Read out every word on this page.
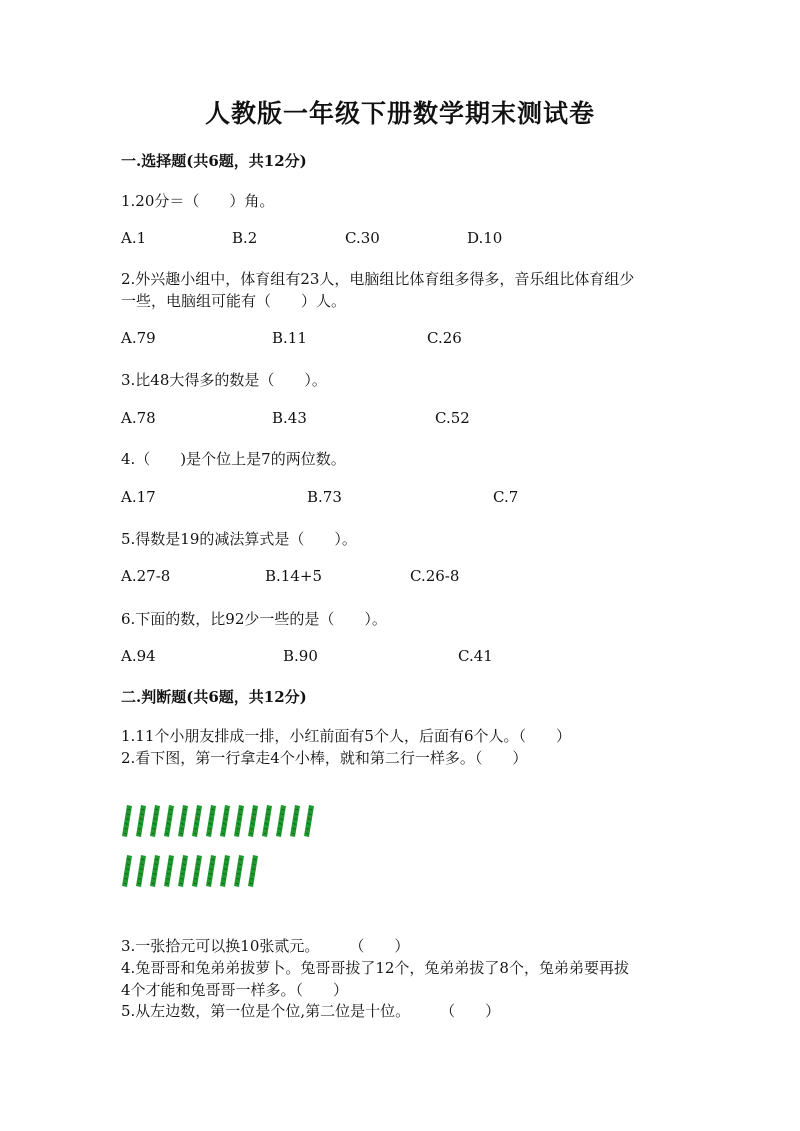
人教版一年级下册数学期末测试卷
一.选择题(共6题，共12分)
1.20分＝（　　）角。
A.1	B.2	C.30	D.10
2.外兴趣小组中，体育组有23人，电脑组比体育组多得多，音乐组比体育组少
一些，电脑组可能有（　　）人。
A.79	B.11	C.26
3.比48大得多的数是（　　）。
A.78	B.43	C.52
4.（　　)是个位上是7的两位数。
A.17	B.73	C.7
5.得数是19的减法算式是（　　）。
A.27-8	B.14+5	C.26-8
6.下面的数，比92少一些的是（　　）。
A.94	B.90	C.41
二.判断题(共6题，共12分)
1.11个小朋友排成一排，小红前面有5个人，后面有6个人。（　　）
2.看下图，第一行拿走4个小棒，就和第二行一样多。（　　）
3.一张拾元可以换10张贰元。　　　（　　）
4.兔哥哥和兔弟弟拔萝卜。兔哥哥拔了12个，兔弟弟拔了8个，兔弟弟要再拔
4个才能和兔哥哥一样多。（　　）
5.从左边数，第一位是个位,第二位是十位。　　　（　　）
